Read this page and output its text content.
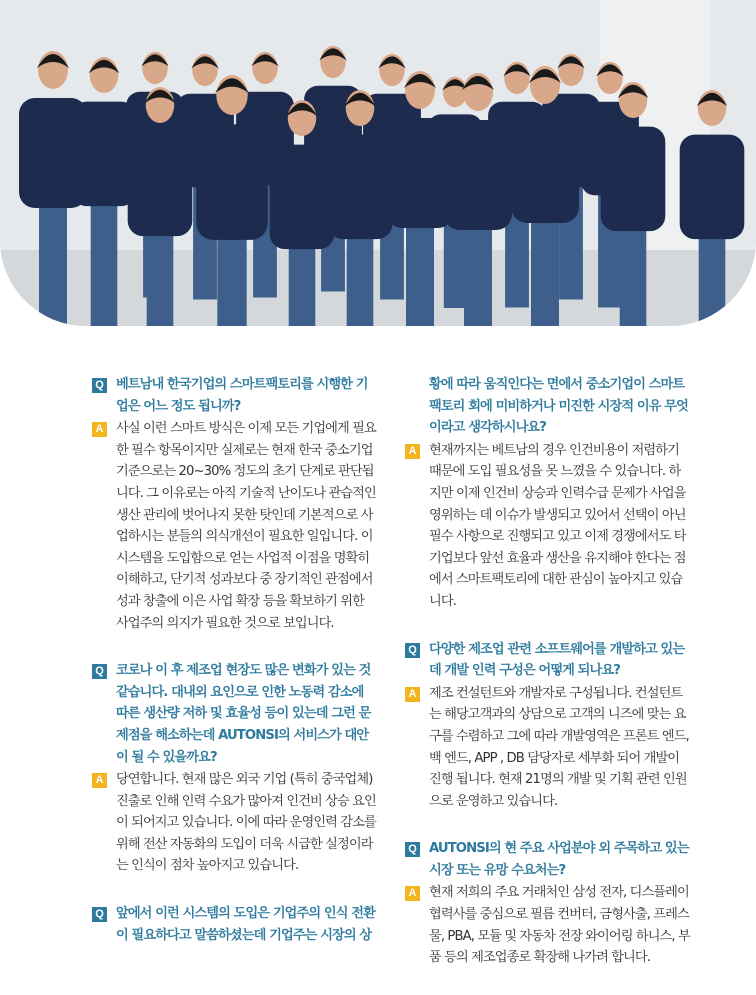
Q 베트남내 한국기업의 스마트팩토리를 시행한 기업은 어느 정도 됩니까?
A 사실 이런 스마트 방식은 이제 모든 기업에게 필요한 필수 항목이지만 실제로는 현재 한국 중소기업 기준으로는 20~30% 정도의 초기 단계로 판단됩니다. 그 이유로는 아직 기술적 난이도나 관습적인 생산 관리에 벗어나지 못한 탓인데 기본적으로 사업하시는 분들의 의식개선이 필요한 일입니다. 이 시스템을 도입함으로 얻는 사업적 이점을 명확히 이해하고, 단기적 성과보다 중 장기적인 관점에서 성과 창출에 이은 사업 확장 등을 확보하기 위한 사업주의 의지가 필요한 것으로 보입니다.
Q 코로나 이 후 제조업 현장도 많은 변화가 있는 것 같습니다. 대내외 요인으로 인한 노동력 감소에 따른 생산량 저하 및 효율성 등이 있는데 그런 문제점을 해소하는데 AUTONSI의 서비스가 대안이 될 수 있을까요?
A 당연합니다. 현재 많은 외국 기업 (특히 중국업체) 진출로 인해 인력 수요가 많아져 인건비 상승 요인이 되어지고 있습니다. 이에 따라 운영인력 감소를 위해 전산 자동화의 도입이 더욱 시급한 실정이라는 인식이 점차 높아지고 있습니다.
Q 앞에서 이런 시스템의 도입은 기업주의 인식 전환이 필요하다고 말씀하셨는데 기업주는 시장의 상
황에 따라 움직인다는 면에서 중소기업이 스마트 팩토리 회에 미비하거나 미진한 시장적 이유 무엇이라고 생각하시나요?
A 현재까지는 베트남의 경우 인건비용이 저렴하기 때문에 도입 필요성을 못 느꼈을 수 있습니다. 하지만 이제 인건비 상승과 인력수급 문제가 사업을 영위하는 데 이슈가 발생되고 있어서 선택이 아닌 필수 사항으로 진행되고 있고 이제 경쟁에서도 타 기업보다 앞선 효율과 생산을 유지해야 한다는 점에서 스마트팩토리에 대한 관심이 높아지고 있습니다.
Q 다양한 제조업 관련 소프트웨어를 개발하고 있는데 개발 인력 구성은 어떻게 되나요?
A 제조 컨설턴트와 개발자로 구성됩니다. 컨설턴트는 해당고객과의 상담으로 고객의 니즈에 맞는 요구를 수렴하고 그에 따라 개발영역은 프론트 엔드, 백 엔드, APP , DB 담당자로 세부화 되어 개발이 진행 됩니다. 현재 21명의 개발 및 기획 관련 인원으로 운영하고 있습니다.
Q AUTONSI의 현 주요 사업분야 외 주목하고 있는 시장 또는 유망 수요처는?
A 현재 저희의 주요 거래처인 삼성 전자, 디스플레이 협력사를 중심으로 필름 컨버터, 금형사출, 프레스물, PBA, 모듈 및 자동차 전장 와이어링 하니스, 부품 등의 제조업종로 확장해 나가려 합니다.
